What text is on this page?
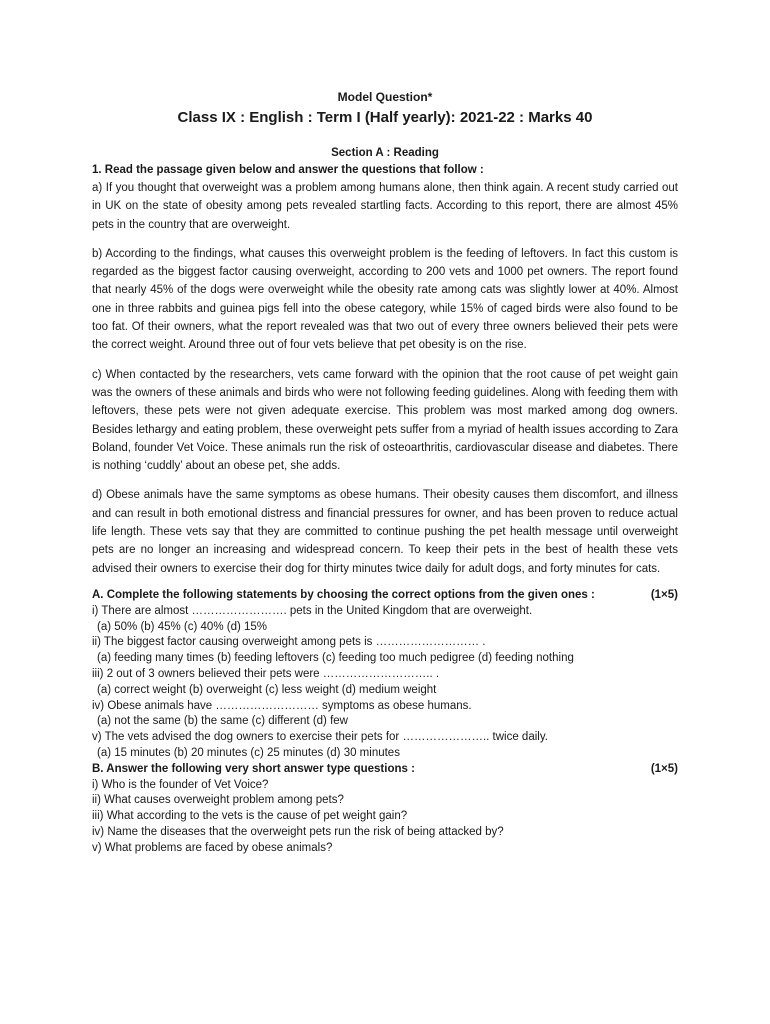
Model Question*
Class IX : English : Term I (Half yearly): 2021-22 : Marks 40
Section A : Reading
1. Read the passage given below and answer the questions that follow :

a) If you thought that overweight was a problem among humans alone, then think again. A recent study carried out in UK on the state of obesity among pets revealed startling facts. According to this report, there are almost 45% pets in the country that are overweight.

b) According to the findings, what causes this overweight problem is the feeding of leftovers. In fact this custom is regarded as the biggest factor causing overweight, according to 200 vets and 1000 pet owners. The report found that nearly 45% of the dogs were overweight while the obesity rate among cats was slightly lower at 40%. Almost one in three rabbits and guinea pigs fell into the obese category, while 15% of caged birds were also found to be too fat. Of their owners, what the report revealed was that two out of every three owners believed their pets were the correct weight. Around three out of four vets believe that pet obesity is on the rise.

c) When contacted by the researchers, vets came forward with the opinion that the root cause of pet weight gain was the owners of these animals and birds who were not following feeding guidelines. Along with feeding them with leftovers, these pets were not given adequate exercise. This problem was most marked among dog owners. Besides lethargy and eating problem, these overweight pets suffer from a myriad of health issues according to Zara Boland, founder Vet Voice. These animals run the risk of osteoarthritis, cardiovascular disease and diabetes. There is nothing ‘cuddly’ about an obese pet, she adds.

d) Obese animals have the same symptoms as obese humans. Their obesity causes them discomfort, and illness and can result in both emotional distress and financial pressures for owner, and has been proven to reduce actual life length. These vets say that they are committed to continue pushing the pet health message until overweight pets are no longer an increasing and widespread concern. To keep their pets in the best of health these vets advised their owners to exercise their dog for thirty minutes twice daily for adult dogs, and forty minutes for cats.

A. Complete the following statements by choosing the correct options from the given ones :	(1×5)
i) There are almost ……………………. pets in the United Kingdom that are overweight.
(a) 50% (b) 45% (c) 40% (d) 15%
ii) The biggest factor causing overweight among pets is ……………………… .
(a) feeding many times (b) feeding leftovers (c) feeding too much pedigree (d) feeding nothing
iii) 2 out of 3 owners believed their pets were ……………………….. .
(a) correct weight (b) overweight (c) less weight (d) medium weight
iv) Obese animals have ……………………… symptoms as obese humans.
(a) not the same (b) the same (c) different (d) few
v) The vets advised the dog owners to exercise their pets for ………………….. twice daily.
(a) 15 minutes (b) 20 minutes (c) 25 minutes (d) 30 minutes
B. Answer the following very short answer type questions :	(1×5)
i) Who is the founder of Vet Voice?
ii) What causes overweight problem among pets?
iii) What according to the vets is the cause of pet weight gain?
iv) Name the diseases that the overweight pets run the risk of being attacked by?
v) What problems are faced by obese animals?
